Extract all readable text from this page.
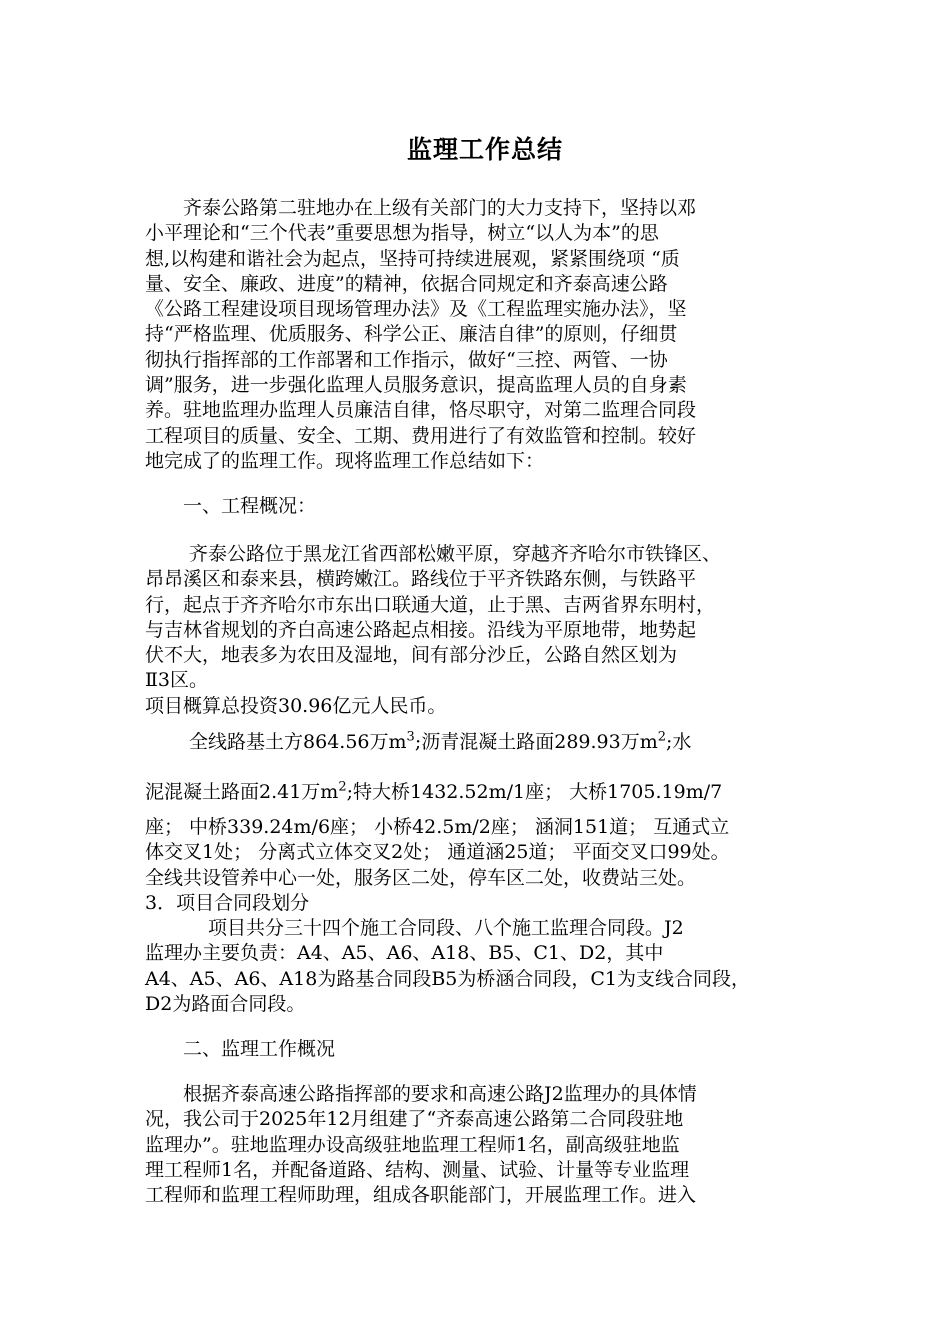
监理工作总结
　　齐泰公路第二驻地办在上级有关部门的大力支持下，坚持以邓
小平理论和“三个代表”重要思想为指导，树立“以人为本”的思
想,以构建和谐社会为起点，坚持可持续进展观，紧紧围绕项 “质
量、安全、廉政、进度”的精神，依据合同规定和齐泰高速公路
《公路工程建设项目现场管理办法》及《工程监理实施办法》，坚
持“严格监理、优质服务、科学公正、廉洁自律”的原则，仔细贯
彻执行指挥部的工作部署和工作指示，做好“三控、两管、一协
调”服务，进一步强化监理人员服务意识，提高监理人员的自身素
养。驻地监理办监理人员廉洁自律，恪尽职守，对第二监理合同段
工程项目的质量、安全、工期、费用进行了有效监管和控制。较好
地完成了的监理工作。现将监理工作总结如下：
　　一、工程概况：
　　 齐泰公路位于黑龙江省西部松嫩平原，穿越齐齐哈尔市铁锋区、
昂昂溪区和泰来县，横跨嫩江。路线位于平齐铁路东侧，与铁路平
行，起点于齐齐哈尔市东出口联通大道，止于黑、吉两省界东明村，
与吉林省规划的齐白高速公路起点相接。沿线为平原地带，地势起
伏不大，地表多为农田及湿地，间有部分沙丘，公路自然区划为
Ⅱ3区。
项目概算总投资30.96亿元人民币。
　　 全线路基土方864.56万$m^3$;沥青混凝土路面289.93万$m^2$;水
泥混凝土路面2.41万$m^2$;特大桥1432.52m/1座； 大桥1705.19m/7
座； 中桥339.24m/6座； 小桥42.5m/2座； 涵洞151道； 互通式立
体交叉1处； 分离式立体交叉2处； 通道涵25道； 平面交叉口99处。
全线共设管养中心一处，服务区二处，停车区二处，收费站三处。
3．项目合同段划分
　　　 项目共分三十四个施工合同段、八个施工监理合同段。J2
监理办主要负责：A4、A5、A6、A18、B5、C1、D2，其中
A4、A5、A6、A18为路基合同段B5为桥涵合同段，C1为支线合同段，
D2为路面合同段。
　　二、监理工作概况
　　根据齐泰高速公路指挥部的要求和高速公路J2监理办的具体情
况，我公司于2025年12月组建了“齐泰高速公路第二合同段驻地
监理办”。驻地监理办设高级驻地监理工程师1名，副高级驻地监
理工程师1名，并配备道路、结构、测量、试验、计量等专业监理
工程师和监理工程师助理，组成各职能部门，开展监理工作。进入
